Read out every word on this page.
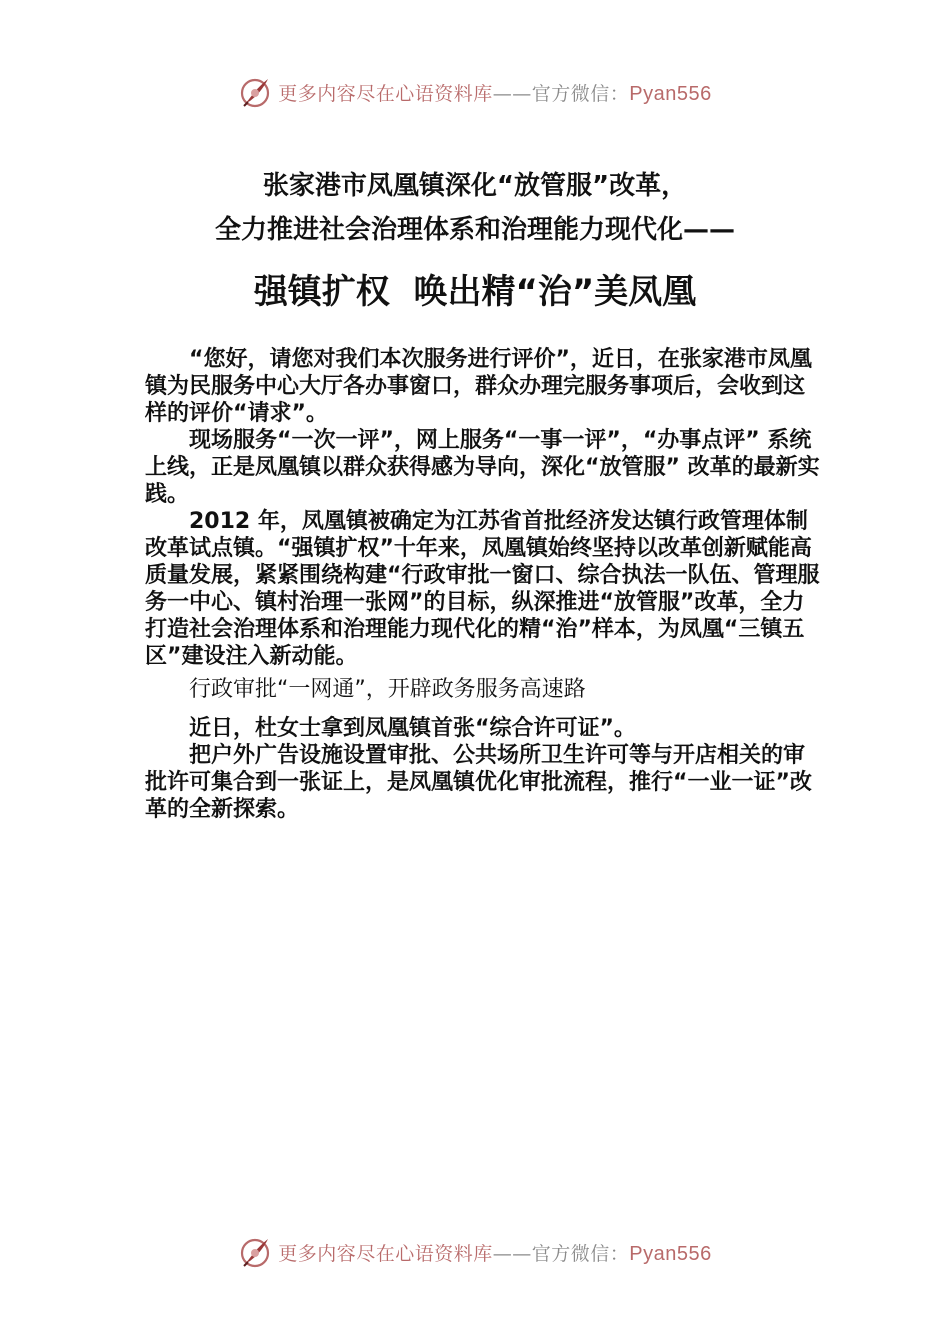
更多内容尽在心语资料库——官方微信：Pyan556
张家港市凤凰镇深化“放管服”改革，
全力推进社会治理体系和治理能力现代化——
强镇扩权  唤出精“治”美凤凰

“您好，请您对我们本次服务进行评价”，近日，在张家港市凤凰镇为民服务中心大厅各办事窗口，群众办理完服务事项后，会收到这样的评价“请求”。

现场服务“一次一评”，网上服务“一事一评”，“办事点评” 系统上线，正是凤凰镇以群众获得感为导向，深化“放管服” 改革的最新实践。

2012 年，凤凰镇被确定为江苏省首批经济发达镇行政管理体制改革试点镇。“强镇扩权”十年来，凤凰镇始终坚持以改革创新赋能高质量发展，紧紧围绕构建“行政审批一窗口、综合执法一队伍、管理服务一中心、镇村治理一张网”的目标，纵深推进“放管服”改革，全力打造社会治理体系和治理能力现代化的精“治”样本，为凤凰“三镇五区”建设注入新动能。

行政审批“一网通”，开辟政务服务高速路

近日，杜女士拿到凤凰镇首张“综合许可证”。

把户外广告设施设置审批、公共场所卫生许可等与开店相关的审批许可集合到一张证上，是凤凰镇优化审批流程，推行“一业一证”改革的全新探索。

更多内容尽在心语资料库——官方微信：Pyan556
